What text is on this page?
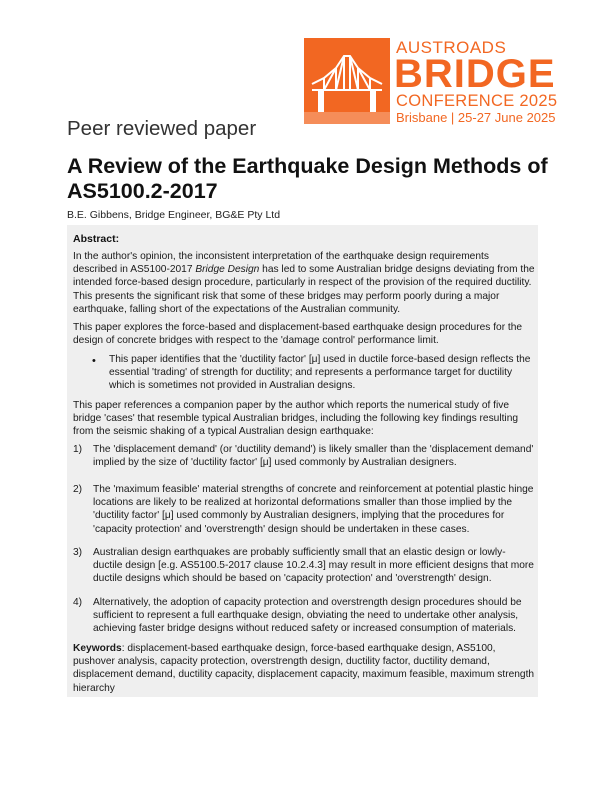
AUSTROADS
BRIDGE
CONFERENCE 2025
Brisbane | 25-27 June 2025
Peer reviewed paper
A Review of the Earthquake Design Methods of AS5100.2-2017
B.E. Gibbens, Bridge Engineer, BG&E Pty Ltd
Abstract:
In the author's opinion, the inconsistent interpretation of the earthquake design requirements described in AS5100-2017 Bridge Design has led to some Australian bridge designs deviating from the intended force-based design procedure, particularly in respect of the provision of the required ductility. This presents the significant risk that some of these bridges may perform poorly during a major earthquake, falling short of the expectations of the Australian community.
This paper explores the force-based and displacement-based earthquake design procedures for the design of concrete bridges with respect to the 'damage control' performance limit.
• This paper identifies that the 'ductility factor' [μ] used in ductile force-based design reflects the essential 'trading' of strength for ductility; and represents a performance target for ductility which is sometimes not provided in Australian designs.
This paper references a companion paper by the author which reports the numerical study of five bridge 'cases' that resemble typical Australian bridges, including the following key findings resulting from the seismic shaking of a typical Australian design earthquake:
1) The 'displacement demand' (or 'ductility demand') is likely smaller than the 'displacement demand' implied by the size of 'ductility factor' [μ] used commonly by Australian designers.
2) The 'maximum feasible' material strengths of concrete and reinforcement at potential plastic hinge locations are likely to be realized at horizontal deformations smaller than those implied by the 'ductility factor' [μ] used commonly by Australian designers, implying that the procedures for 'capacity protection' and 'overstrength' design should be undertaken in these cases.
3) Australian design earthquakes are probably sufficiently small that an elastic design or lowly-ductile design [e.g. AS5100.5-2017 clause 10.2.4.3] may result in more efficient designs that more ductile designs which should be based on 'capacity protection' and 'overstrength' design.
4) Alternatively, the adoption of capacity protection and overstrength design procedures should be sufficient to represent a full earthquake design, obviating the need to undertake other analysis, achieving faster bridge designs without reduced safety or increased consumption of materials.
Keywords: displacement-based earthquake design, force-based earthquake design, AS5100, pushover analysis, capacity protection, overstrength design, ductility factor, ductility demand, displacement demand, ductility capacity, displacement capacity, maximum feasible, maximum strength hierarchy
